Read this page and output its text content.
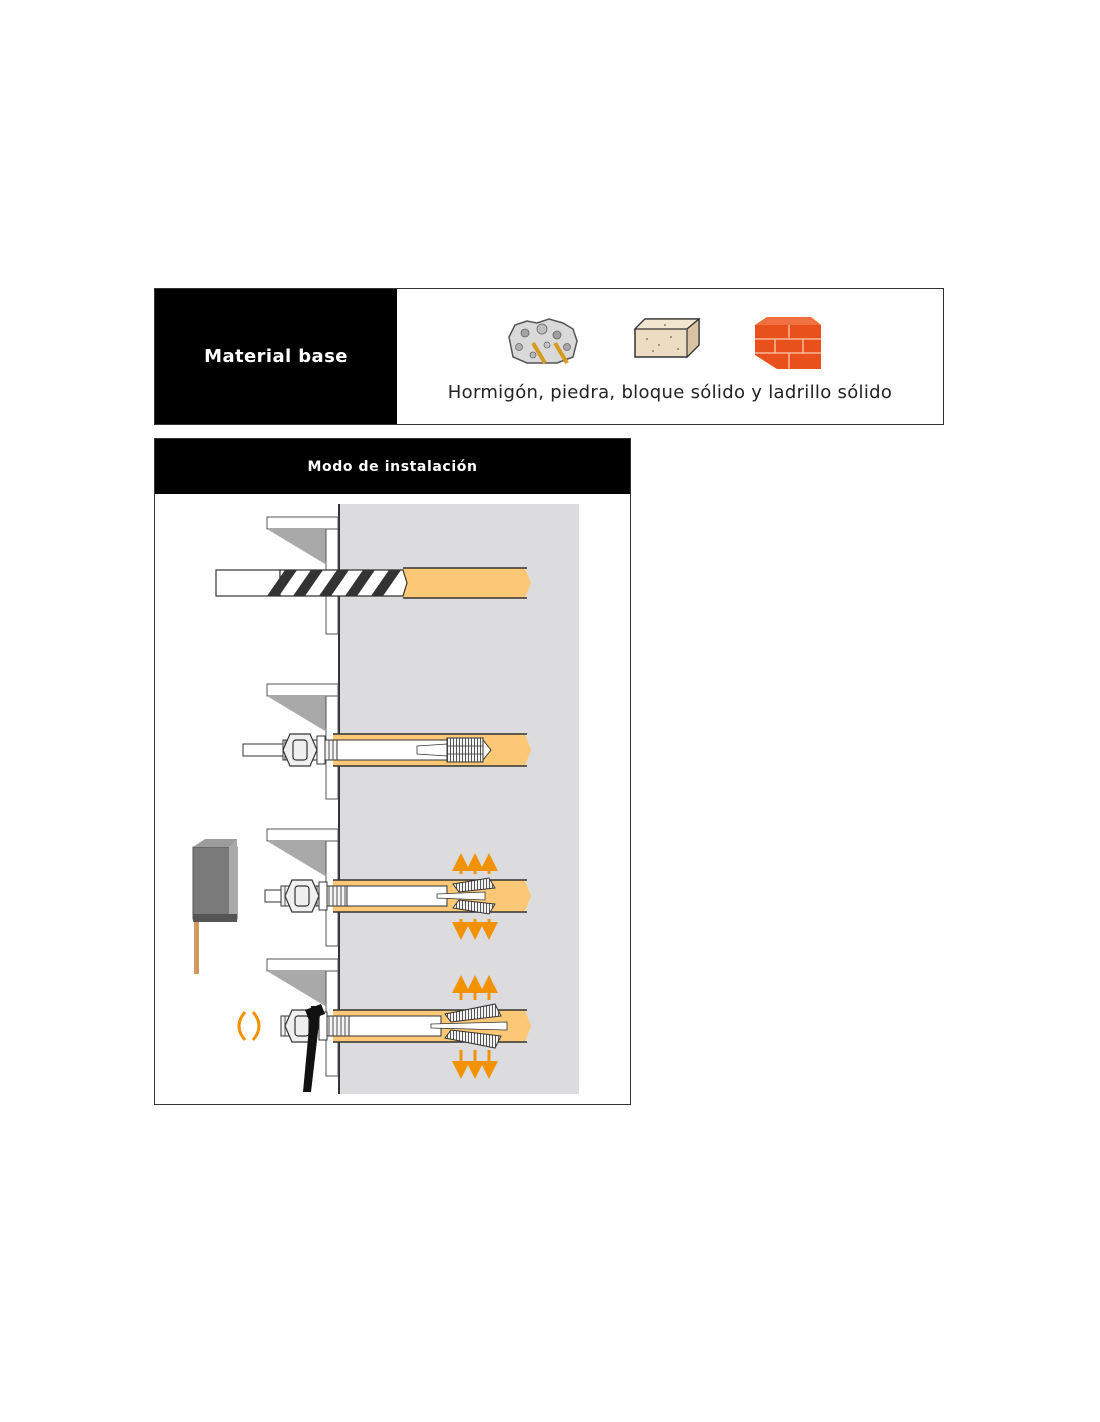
Material base
Hormigón, piedra, bloque sólido y ladrillo sólido
Modo de instalación
